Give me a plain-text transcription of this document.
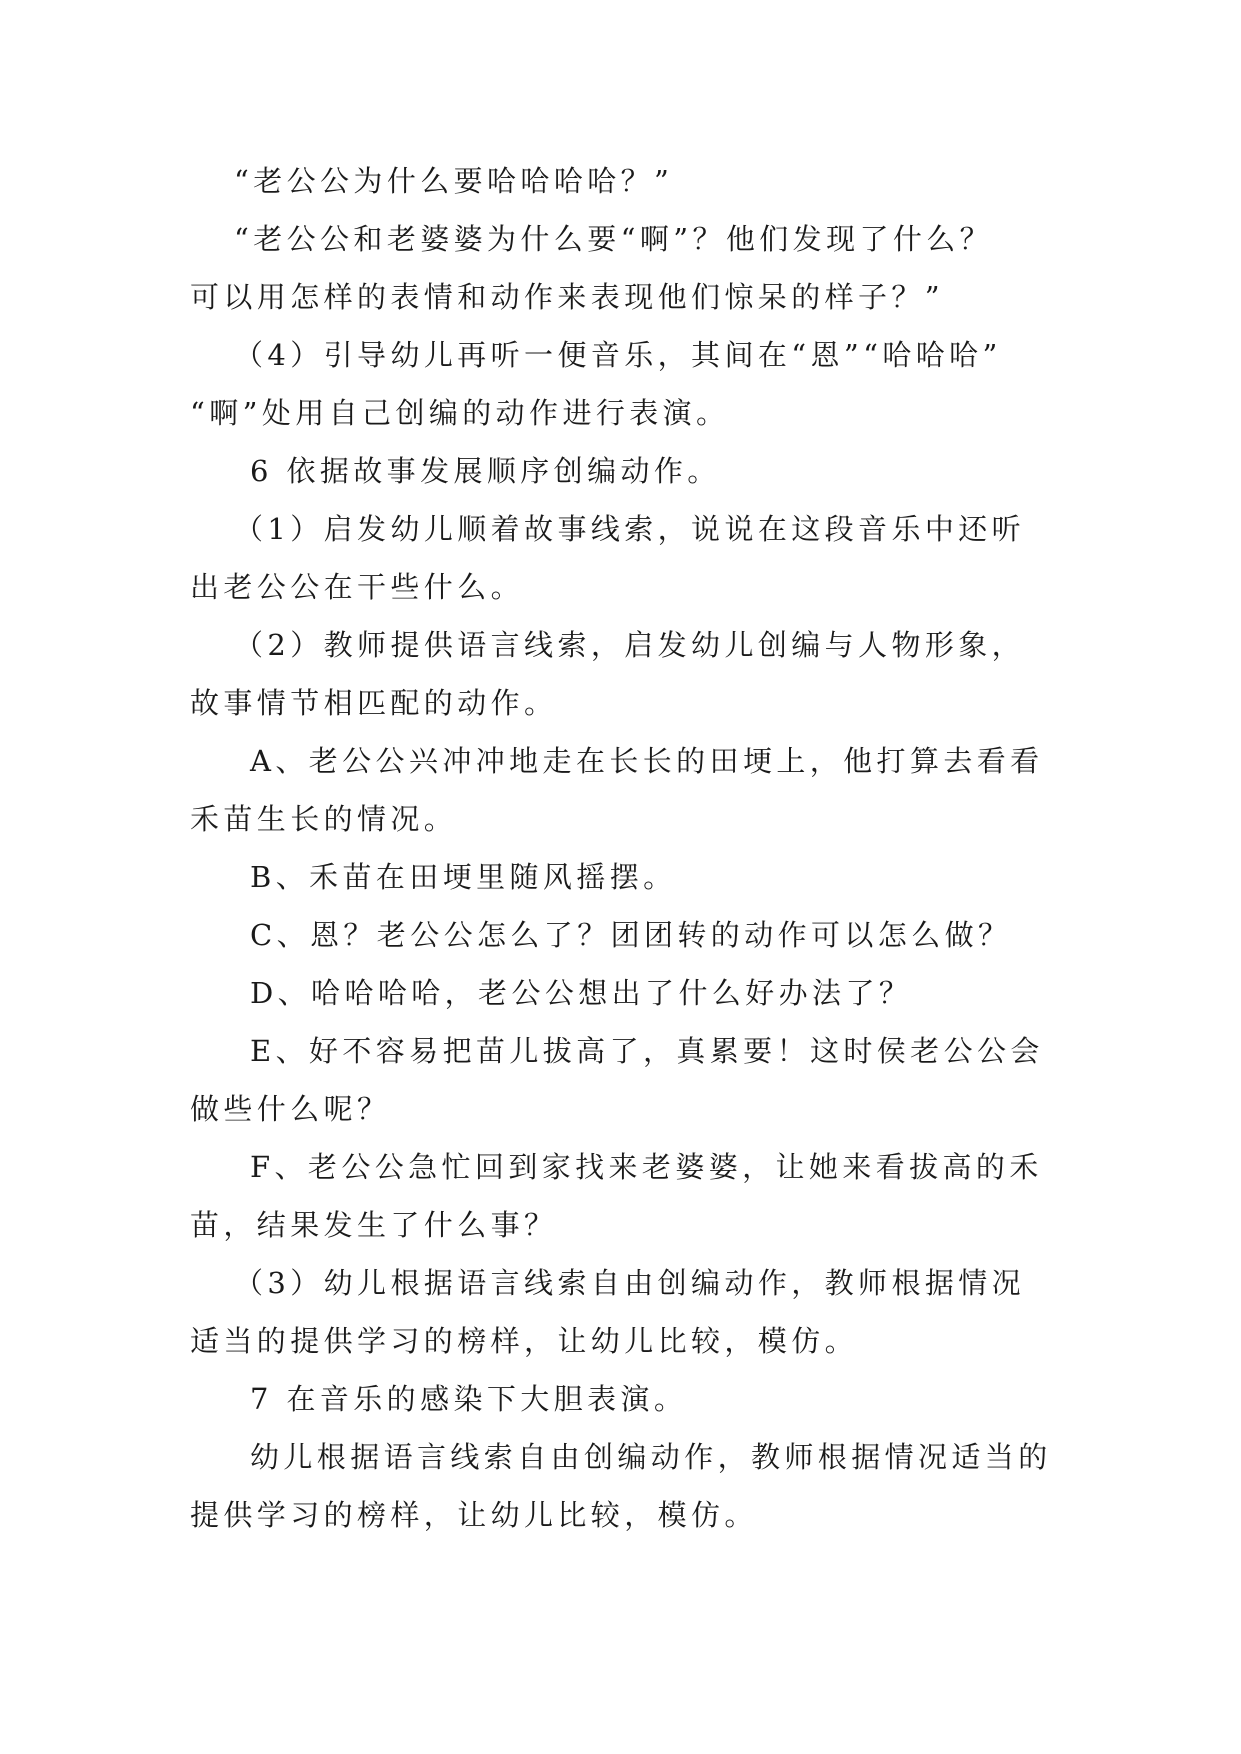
“老公公为什么要哈哈哈哈？”
“老公公和老婆婆为什么要“啊”？他们发现了什么？
可以用怎样的表情和动作来表现他们惊呆的样子？”
（4）引导幼儿再听一便音乐，其间在“恩”“哈哈哈”
“啊”处用自己创编的动作进行表演。
6 依据故事发展顺序创编动作。
（1）启发幼儿顺着故事线索，说说在这段音乐中还听
出老公公在干些什么。
（2）教师提供语言线索，启发幼儿创编与人物形象，
故事情节相匹配的动作。
A、老公公兴冲冲地走在长长的田埂上，他打算去看看
禾苗生长的情况。
B、禾苗在田埂里随风摇摆。
C、恩？老公公怎么了？团团转的动作可以怎么做？
D、哈哈哈哈，老公公想出了什么好办法了？
E、好不容易把苗儿拔高了，真累要！这时侯老公公会
做些什么呢？
F、老公公急忙回到家找来老婆婆，让她来看拔高的禾
苗，结果发生了什么事？
（3）幼儿根据语言线索自由创编动作，教师根据情况
适当的提供学习的榜样，让幼儿比较，模仿。
7 在音乐的感染下大胆表演。
幼儿根据语言线索自由创编动作，教师根据情况适当的
提供学习的榜样，让幼儿比较，模仿。
